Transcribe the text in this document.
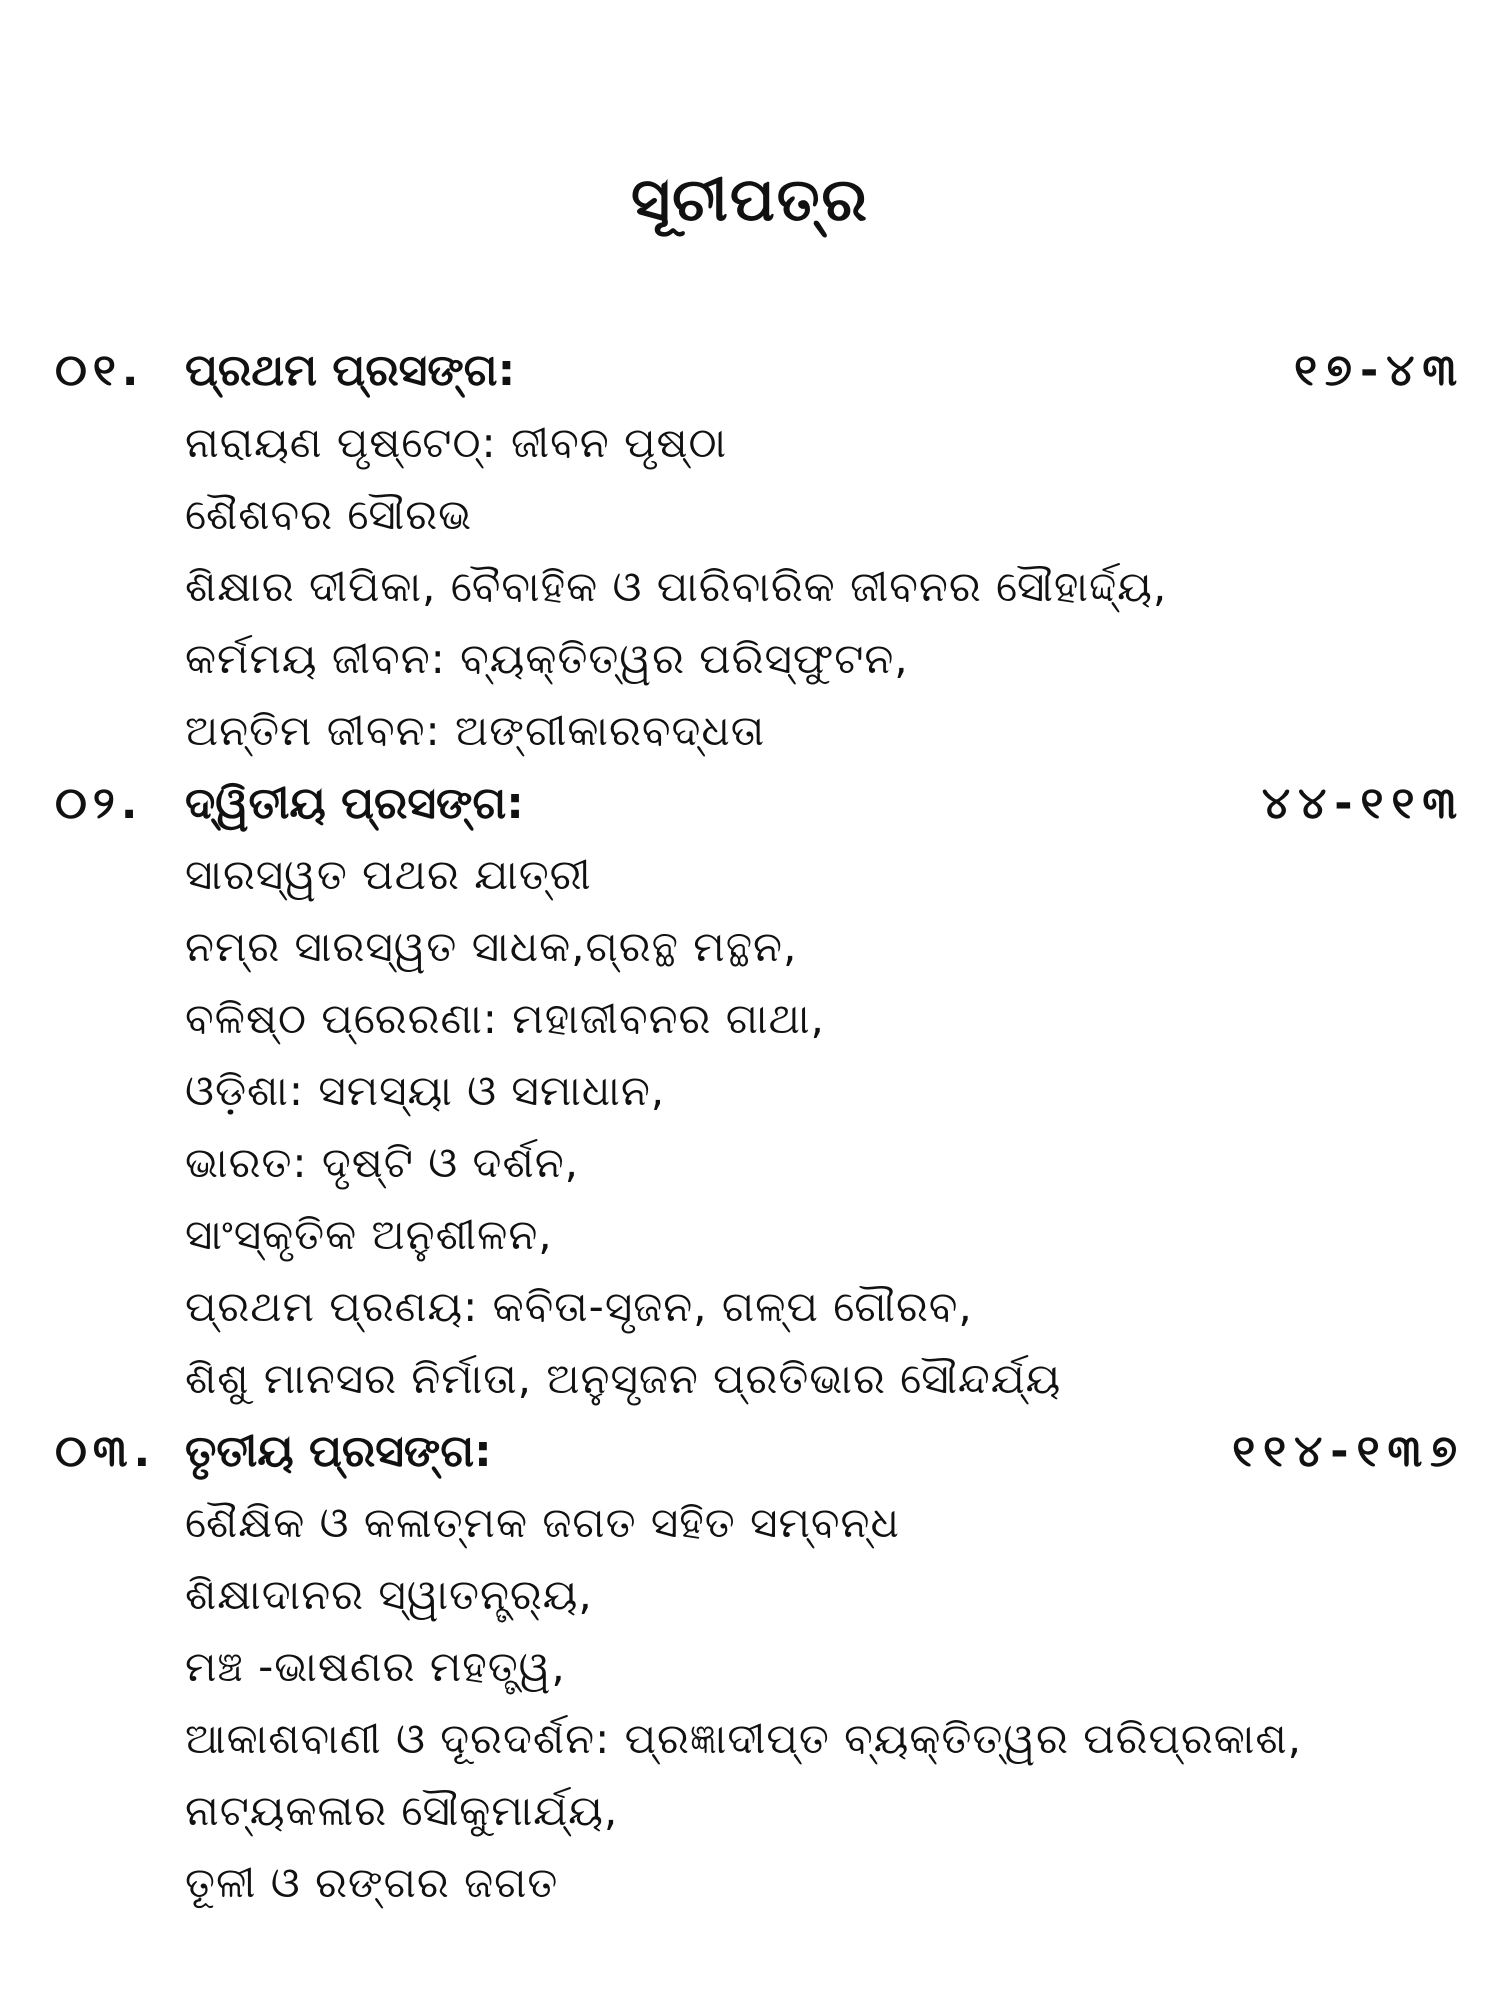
ସୂଚୀପତ୍ର
୦୧. ପ୍ରଥମ ପ୍ରସଙ୍ଗ:	୧୭-୪୩
ନାରାୟଣ ପୃଷ୍ଟେଠ୍: ଜୀବନ ପୃଷ୍ଠା
ଶୈଶବର ସୌରଭ
ଶିକ୍ଷାର ଦୀପିକା, ବୈବାହିକ ଓ ପାରିବାରିକ ଜୀବନର ସୌହାର୍ଦ୍ଦ୍ୟ,
କର୍ମମୟ ଜୀବନ: ବ୍ୟକ୍ତିତ୍ୱର ପରିସ୍ଫୁଟନ,
ଅନ୍ତିମ ଜୀବନ: ଅଙ୍ଗୀକାରବଦ୍ଧତା
୦୨. ଦ୍ୱିତୀୟ ପ୍ରସଙ୍ଗ:	୪୪-୧୧୩
ସାରସ୍ୱତ ପଥର ଯାତ୍ରୀ
ନମ୍ର ସାରସ୍ୱତ ସାଧକ,ଗ୍ରନ୍ଥ ମନ୍ଥନ,
ବଳିଷ୍ଠ ପ୍ରେରଣା: ମହାଜୀବନର ଗାଥା,
ଓଡ଼ିଶା: ସମସ୍ୟା ଓ ସମାଧାନ,
ଭାରତ: ଦୃଷ୍ଟି ଓ ଦର୍ଶନ,
ସାଂସ୍କୃତିକ ଅନୁଶୀଳନ,
ପ୍ରଥମ ପ୍ରଣୟ: କବିତା-ସୃଜନ, ଗଳ୍ପ ଗୌରବ,
ଶିଶୁ ମାନସର ନିର୍ମାତା, ଅନୁସୃଜନ ପ୍ରତିଭାର ସୌନ୍ଦର୍ଯ୍ୟ
୦୩. ତୃତୀୟ ପ୍ରସଙ୍ଗ:	୧୧୪-୧୩୭
ଶୈକ୍ଷିକ ଓ କଳାତ୍ମକ ଜଗତ ସହିତ ସମ୍ବନ୍ଧ
ଶିକ୍ଷାଦାନର ସ୍ୱାତନ୍ତ୍ର୍ୟ,
ମଞ୍ଚ -ଭାଷଣର ମହତ୍ତ୍ୱ,
ଆକାଶବାଣୀ ଓ ଦୂରଦର୍ଶନ: ପ୍ରଜ୍ଞାଦୀପ୍ତ ବ୍ୟକ୍ତିତ୍ୱର ପରିପ୍ରକାଶ,
ନାଟ୍ୟକଳାର ସୌକୁମାର୍ଯ୍ୟ,
ତୂଳୀ ଓ ରଙ୍ଗର ଜଗତ
